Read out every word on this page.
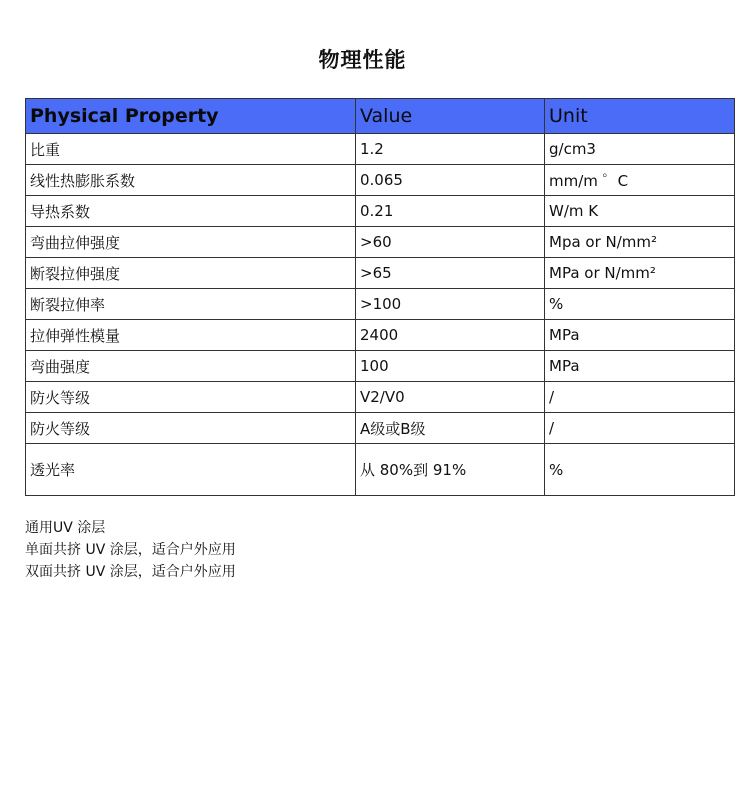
物理性能
Physical Property	Value	Unit
比重	1.2	g/cm3
线性热膨胀系数	0.065	mm/m ゜C
导热系数	0.21	W/m K
弯曲拉伸强度	>60	Mpa or N/mm²
断裂拉伸强度	>65	MPa or N/mm²
断裂拉伸率	>100	%
拉伸弹性模量	2400	MPa
弯曲强度	100	MPa
防火等级	V2/V0	/
防火等级	A级或B级	/
透光率	从 80%到 91%	%
通用UV 涂层
单面共挤 UV 涂层，适合户外应用
双面共挤 UV 涂层，适合户外应用
